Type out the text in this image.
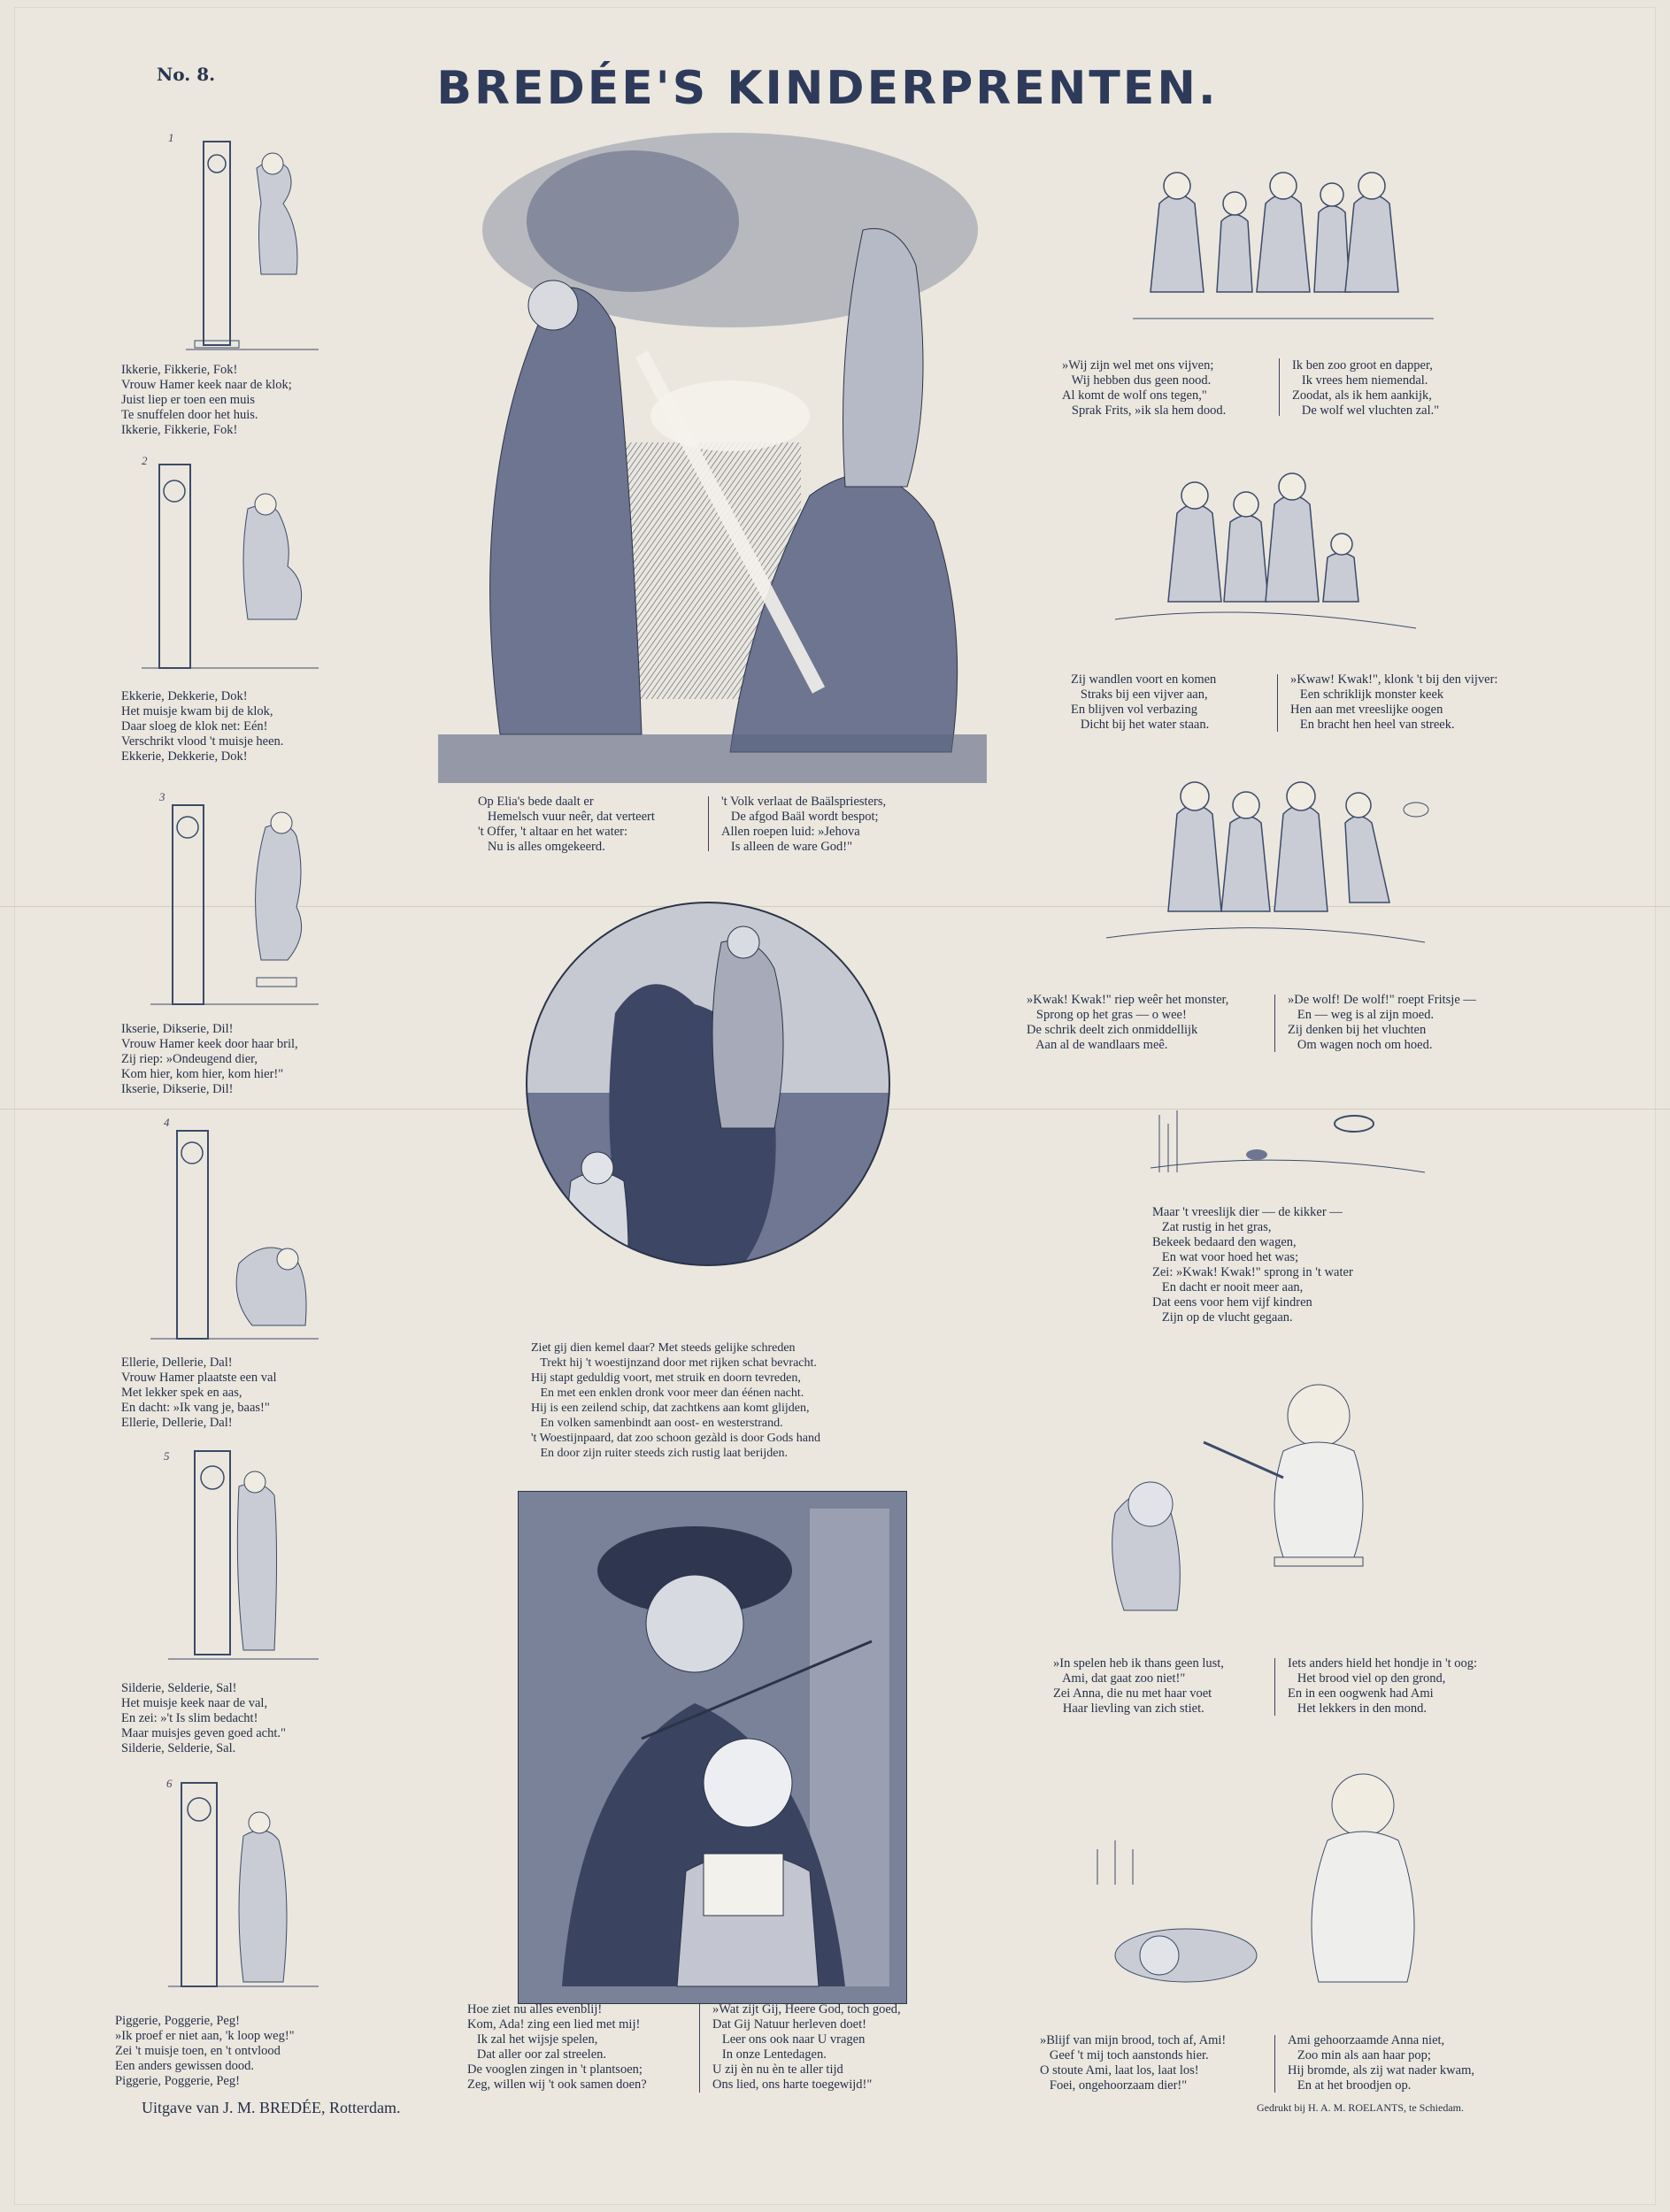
No. 8.	BREDÉE'S KINDERPRENTEN.
1
Ikkerie, Fikkerie, Fok!
Vrouw Hamer keek naar de klok;
Juist liep er toen een muis
Te snuffelen door het huis.
Ikkerie, Fikkerie, Fok!
2
Ekkerie, Dekkerie, Dok!
Het muisje kwam bij de klok,
Daar sloeg de klok net: Eén!
Verschrikt vlood 't muisje heen.
Ekkerie, Dekkerie, Dok!
3
Ikserie, Dikserie, Dil!
Vrouw Hamer keek door haar bril,
Zij riep: »Ondeugend dier,
Kom hier, kom hier, kom hier!"
Ikserie, Dikserie, Dil!
4
Ellerie, Dellerie, Dal!
Vrouw Hamer plaatste een val
Met lekker spek en aas,
En dacht: »Ik vang je, baas!"
Ellerie, Dellerie, Dal!
5
Silderie, Selderie, Sal!
Het muisje keek naar de val,
En zei: »'t Is slim bedacht!
Maar muisjes geven goed acht."
Silderie, Selderie, Sal.
6
Piggerie, Poggerie, Peg!
»Ik proef er niet aan, 'k loop weg!"
Zei 't muisje toen, en 't ontvlood
Een anders gewissen dood.
Piggerie, Poggerie, Peg!
Op Elia's bede daalt er
Hemelsch vuur neêr, dat verteert
't Offer, 't altaar en het water:
Nu is alles omgekeerd.
't Volk verlaat de Baälspriesters,
De afgod Baäl wordt bespot;
Allen roepen luid: »Jehova
Is alleen de ware God!"
Ziet gij dien kemel daar? Met steeds gelijke schreden
Trekt hij 't woestijnzand door met rijken schat bevracht.
Hij stapt geduldig voort, met struik en doorn tevreden,
En met een enklen dronk voor meer dan éénen nacht.
Hij is een zeilend schip, dat zachtkens aan komt glijden,
En volken samenbindt aan oost- en westerstrand.
't Woestijnpaard, dat zoo schoon gezàld is door Gods hand
En door zijn ruiter steeds zich rustig laat berijden.
Hoe ziet nu alles evenblij!
Kom, Ada! zing een lied met mij!
Ik zal het wijsje spelen,
Dat aller oor zal streelen.
De vooglen zingen in 't plantsoen;
Zeg, willen wij 't ook samen doen?
»Wat zijt Gij, Heere God, toch goed,
Dat Gij Natuur herleven doet!
Leer ons ook naar U vragen
In onze Lentedagen.
U zij èn nu èn te aller tijd
Ons lied, ons harte toegewijd!"
»Wij zijn wel met ons vijven;
Wij hebben dus geen nood.
Al komt de wolf ons tegen,"
Sprak Frits, »ik sla hem dood.
Ik ben zoo groot en dapper,
Ik vrees hem niemendal.
Zoodat, als ik hem aankijk,
De wolf wel vluchten zal."
Zij wandlen voort en komen
Straks bij een vijver aan,
En blijven vol verbazing
Dicht bij het water staan.
»Kwaw! Kwak!", klonk 't bij den vijver:
Een schriklijk monster keek
Hen aan met vreeslijke oogen
En bracht hen heel van streek.
»Kwak! Kwak!" riep weêr het monster,
Sprong op het gras — o wee!
De schrik deelt zich onmiddellijk
Aan al de wandlaars meê.
»De wolf! De wolf!" roept Fritsje —
En — weg is al zijn moed.
Zij denken bij het vluchten
Om wagen noch om hoed.
Maar 't vreeslijk dier — de kikker —
Zat rustig in het gras,
Bekeek bedaard den wagen,
En wat voor hoed het was;
Zei: »Kwak! Kwak!" sprong in 't water
En dacht er nooit meer aan,
Dat eens voor hem vijf kindren
Zijn op de vlucht gegaan.
»In spelen heb ik thans geen lust,
Ami, dat gaat zoo niet!"
Zei Anna, die nu met haar voet
Haar lievling van zich stiet.
Iets anders hield het hondje in 't oog:
Het brood viel op den grond,
En in een oogwenk had Ami
Het lekkers in den mond.
»Blijf van mijn brood, toch af, Ami!
Geef 't mij toch aanstonds hier.
O stoute Ami, laat los, laat los!
Foei, ongehoorzaam dier!"
Ami gehoorzaamde Anna niet,
Zoo min als aan haar pop;
Hij bromde, als zij wat nader kwam,
En at het broodjen op.
Uitgave van J. M. BREDÉE, Rotterdam.	Gedrukt bij H. A. M. ROELANTS, te Schiedam.
